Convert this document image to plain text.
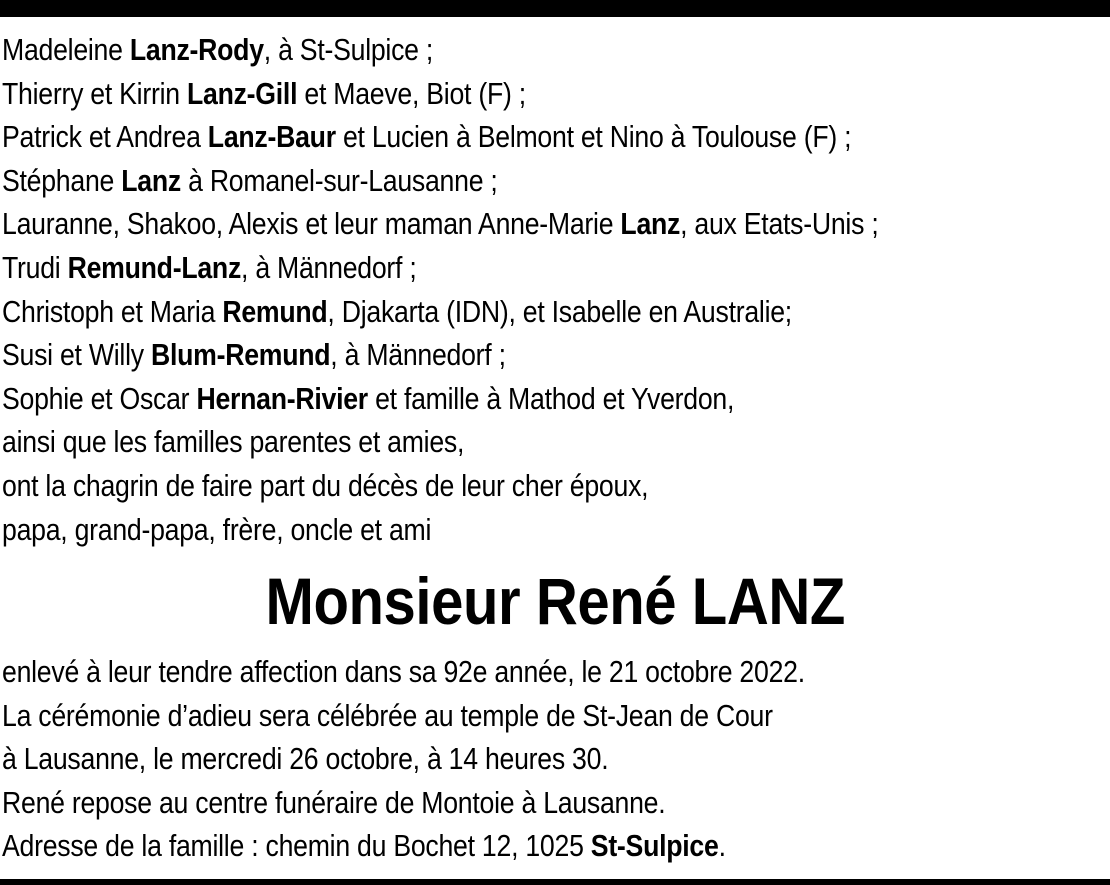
Madeleine Lanz-Rody, à St-Sulpice ;
Thierry et Kirrin Lanz-Gill et Maeve, Biot (F) ;
Patrick et Andrea Lanz-Baur et Lucien à Belmont et Nino à Toulouse (F) ;
Stéphane Lanz à Romanel-sur-Lausanne ;
Lauranne, Shakoo, Alexis et leur maman Anne-Marie Lanz, aux Etats-Unis ;
Trudi Remund-Lanz, à Männedorf ;
Christoph et Maria Remund, Djakarta (IDN), et Isabelle en Australie;
Susi et Willy Blum-Remund, à Männedorf ;
Sophie et Oscar Hernan-Rivier et famille à Mathod et Yverdon,
ainsi que les familles parentes et amies,
ont la chagrin de faire part du décès de leur cher époux,
papa, grand-papa, frère, oncle et ami
Monsieur René LANZ
enlevé à leur tendre affection dans sa 92e année, le 21 octobre 2022.
La cérémonie d’adieu sera célébrée au temple de St-Jean de Cour
à Lausanne, le mercredi 26 octobre, à 14 heures 30.
René repose au centre funéraire de Montoie à Lausanne.
Adresse de la famille : chemin du Bochet 12, 1025 St-Sulpice.
